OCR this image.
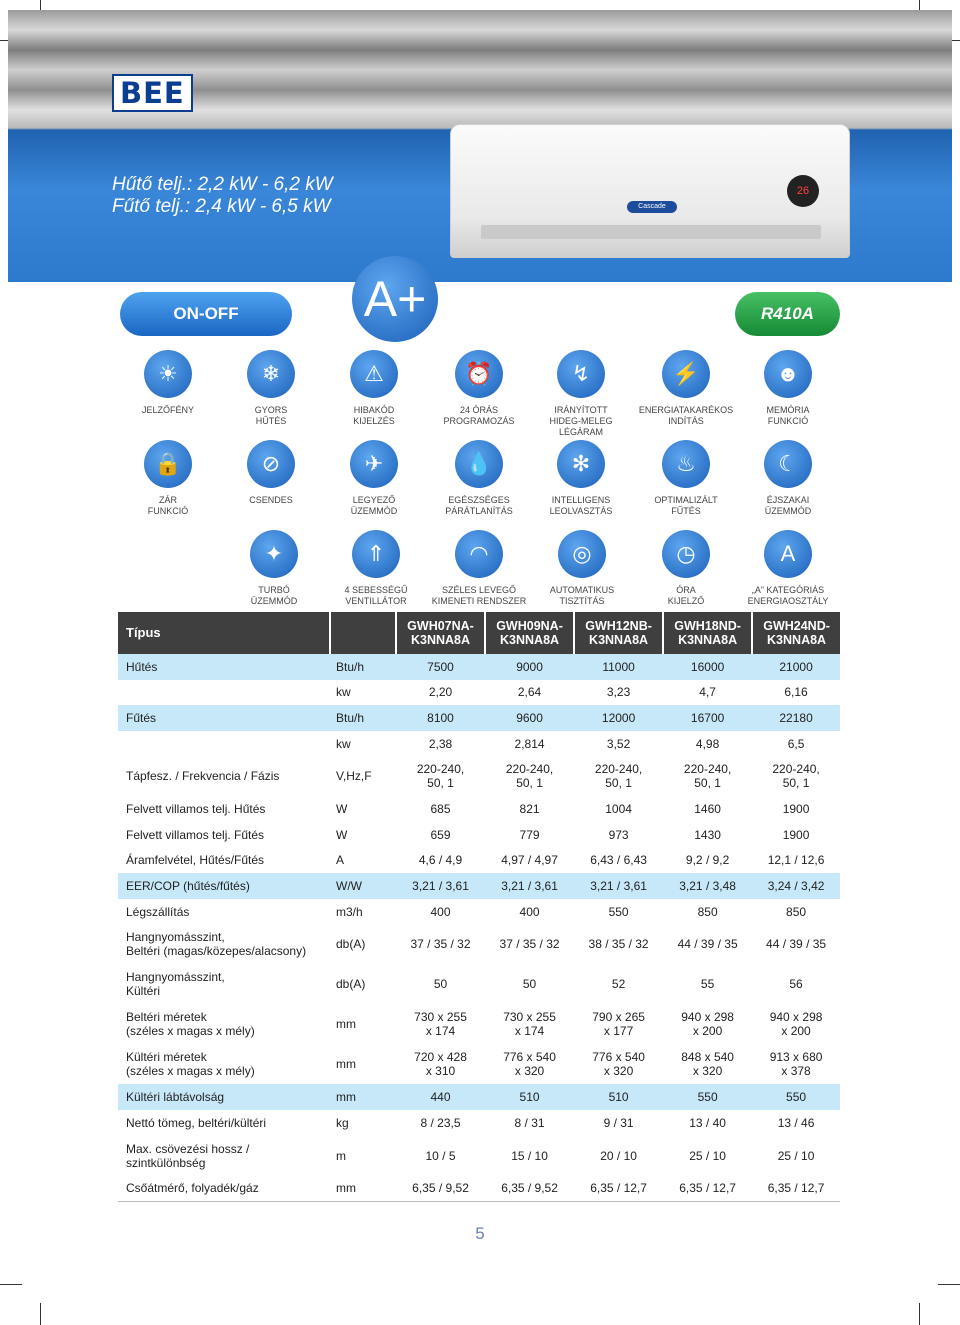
BEE
Hűtő telj.: 2,2 kW - 6,2 kW
Fűtő telj.: 2,4 kW - 6,5 kW
26
Cascade
ON-OFF	A+	R410A
☀
JELZŐFÉNY
❄
GYORS
HŰTÉS
⚠
HIBAKÓD
KIJELZÉS
⏰
24 ÓRÁS
PROGRAMOZÁS
↯
IRÁNYÍTOTT
HIDEG-MELEG
LÉGÁRAM
⚡
ENERGIATAKARÉKOS
INDÍTÁS
☻
MEMÓRIA
FUNKCIÓ
🔒
ZÁR
FUNKCIÓ
⊘
CSENDES
✈
LEGYEZŐ
ÜZEMMÓD
💧
EGÉSZSÉGES
PÁRÁTLANÍTÁS
✻
INTELLIGENS
LEOLVASZTÁS
♨
OPTIMALIZÁLT
FŰTÉS
☾
ÉJSZAKAI
ÜZEMMÓD
✦
TURBÓ
ÜZEMMÓD
⇑
4 SEBESSÉGŰ
VENTILLÁTOR
◠
SZÉLES LEVEGŐ
KIMENETI RENDSZER
◎
AUTOMATIKUS
TISZTÍTÁS
◷
ÓRA
KIJELZŐ
A
„A” KATEGÓRIÁS
ENERGIAOSZTÁLY
Típus		GWH07NA-
K3NNA8A	GWH09NA-
K3NNA8A	GWH12NB-
K3NNA8A	GWH18ND-
K3NNA8A	GWH24ND-
K3NNA8A
Hűtés	Btu/h	7500	9000	11000	16000	21000
	kw	2,20	2,64	3,23	4,7	6,16
Fűtés	Btu/h	8100	9600	12000	16700	22180
	kw	2,38	2,814	3,52	4,98	6,5
Tápfesz. / Frekvencia / Fázis	V,Hz,F	220-240,
50, 1	220-240,
50, 1	220-240,
50, 1	220-240,
50, 1	220-240,
50, 1
Felvett villamos telj. Hűtés	W	685	821	1004	1460	1900
Felvett villamos telj. Fűtés	W	659	779	973	1430	1900
Áramfelvétel, Hűtés/Fűtés	A	4,6 / 4,9	4,97 / 4,97	6,43 / 6,43	9,2 / 9,2	12,1 / 12,6
EER/COP (hűtés/fűtés)	W/W	3,21 / 3,61	3,21 / 3,61	3,21 / 3,61	3,21 / 3,48	3,24 / 3,42
Légszállítás	m3/h	400	400	550	850	850
Hangnyomásszint,
Beltéri (magas/közepes/alacsony)	db(A)	37 / 35 / 32	37 / 35 / 32	38 / 35 / 32	44 / 39 / 35	44 / 39 / 35
Hangnyomásszint,
Kültéri	db(A)	50	50	52	55	56
Beltéri méretek
(széles x magas x mély)	mm	730 x 255
x 174	730 x 255
x 174	790 x 265
x 177	940 x 298
x 200	940 x 298
x 200
Kültéri méretek
(széles x magas x mély)	mm	720 x 428
x 310	776 x 540
x 320	776 x 540
x 320	848 x 540
x 320	913 x 680
x 378
Kültéri lábtávolság	mm	440	510	510	550	550
Nettó tömeg, beltéri/kültéri	kg	8 / 23,5	8 / 31	9 / 31	13 / 40	13 / 46
Max. csövezési hossz /
szintkülönbség	m	10 / 5	15 / 10	20 / 10	25 / 10	25 / 10
Csőátmérő, folyadék/gáz	mm	6,35 / 9,52	6,35 / 9,52	6,35 / 12,7	6,35 / 12,7	6,35 / 12,7
5
